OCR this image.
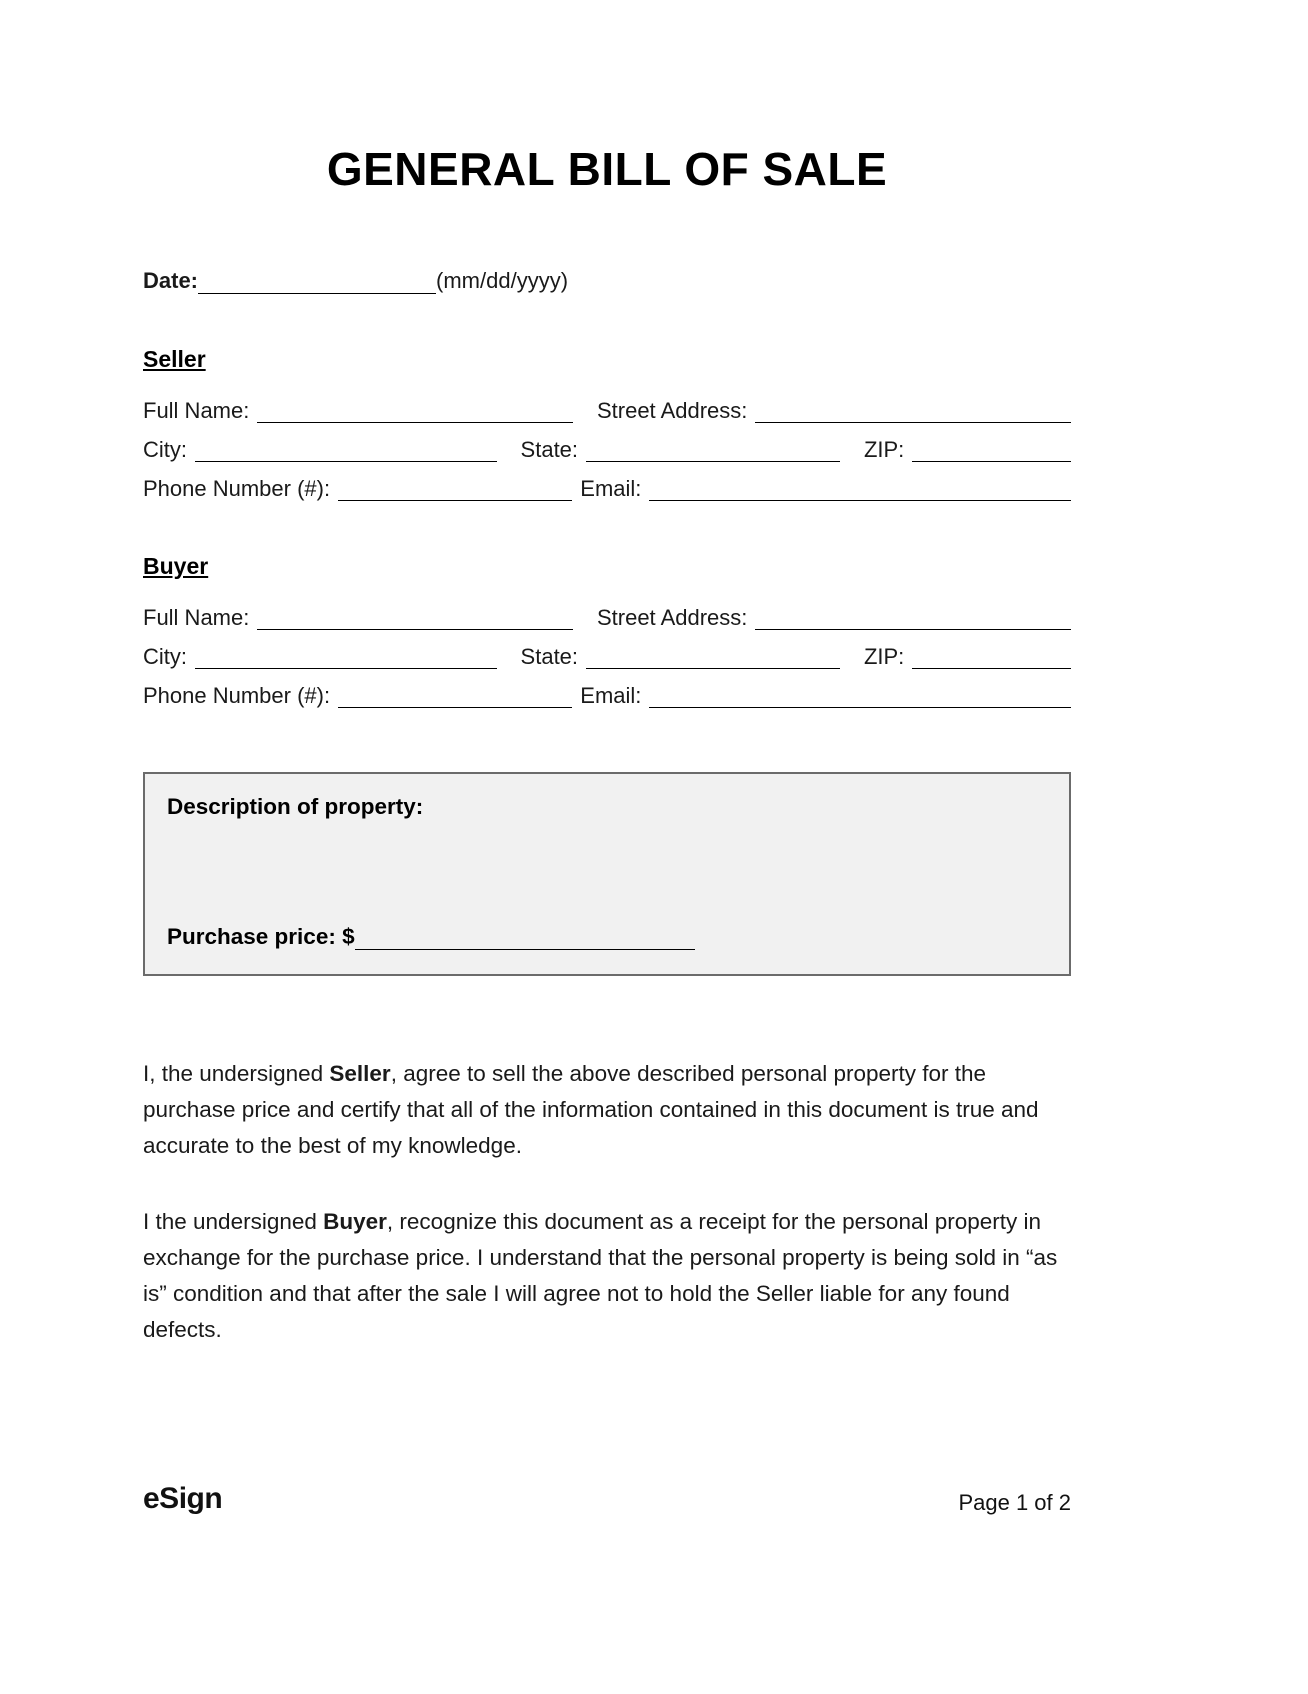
GENERAL BILL OF SALE
Date:	(mm/dd/yyyy)
Seller
Full Name:	Street Address:
City:	State:	ZIP:
Phone Number (#):	Email:
Buyer
Full Name:	Street Address:
City:	State:	ZIP:
Phone Number (#):	Email:
Description of property:
Purchase price: $

I, the undersigned Seller, agree to sell the above described personal property for the purchase price and certify that all of the information contained in this document is true and accurate to the best of my knowledge.

I the undersigned Buyer, recognize this document as a receipt for the personal property in exchange for the purchase price. I understand that the personal property is being sold in “as is” condition and that after the sale I will agree not to hold the Seller liable for any found defects.

eSign	Page 1 of 2
